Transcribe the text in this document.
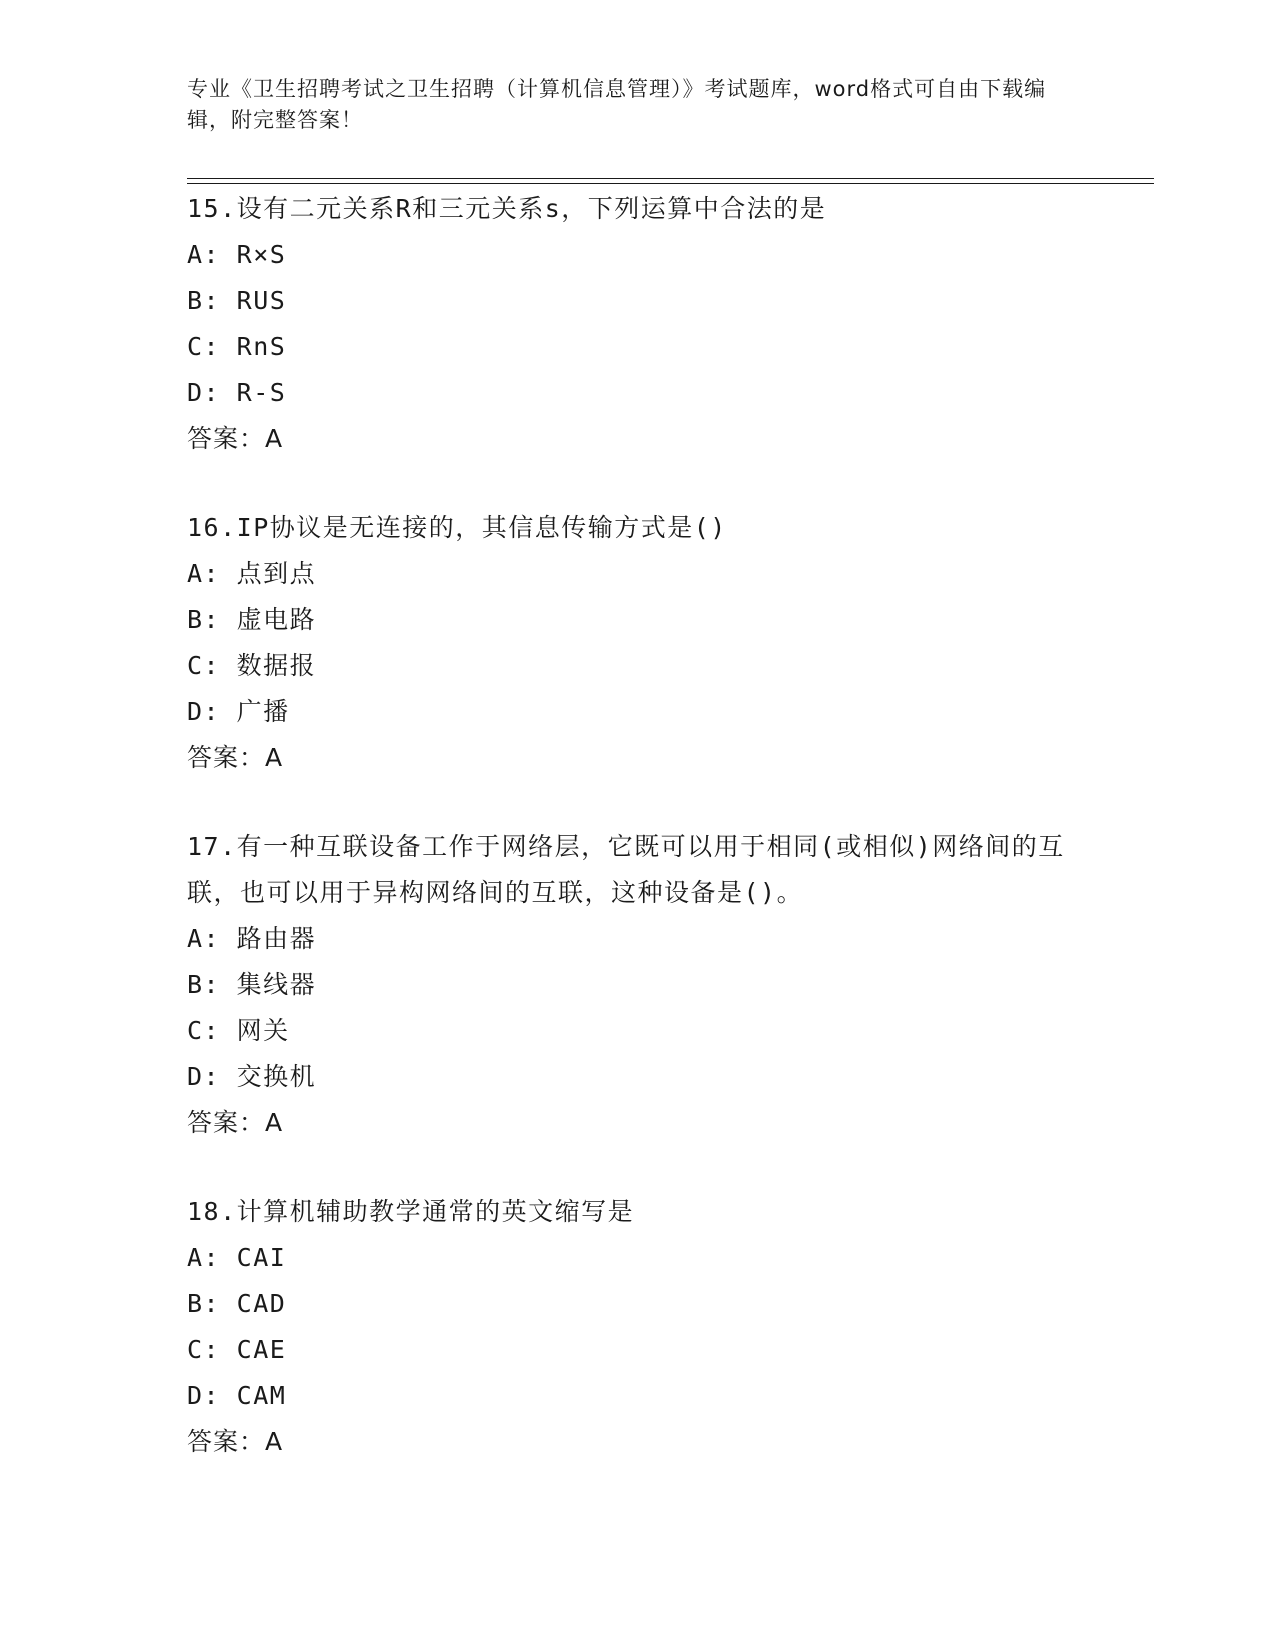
专业《卫生招聘考试之卫生招聘（计算机信息管理）》考试题库，word格式可自由下载编辑，附完整答案！

15.设有二元关系R和三元关系s，下列运算中合法的是

A: R×S

B: RUS

C: RnS

D: R-S

答案：A

16.IP协议是无连接的，其信息传输方式是()

A: 点到点

B: 虚电路

C: 数据报

D: 广播

答案：A

17.有一种互联设备工作于网络层，它既可以用于相同(或相似)网络间的互联，也可以用于异构网络间的互联，这种设备是()。

A: 路由器

B: 集线器

C: 网关

D: 交换机

答案：A

18.计算机辅助教学通常的英文缩写是

A: CAI

B: CAD

C: CAE

D: CAM

答案：A
